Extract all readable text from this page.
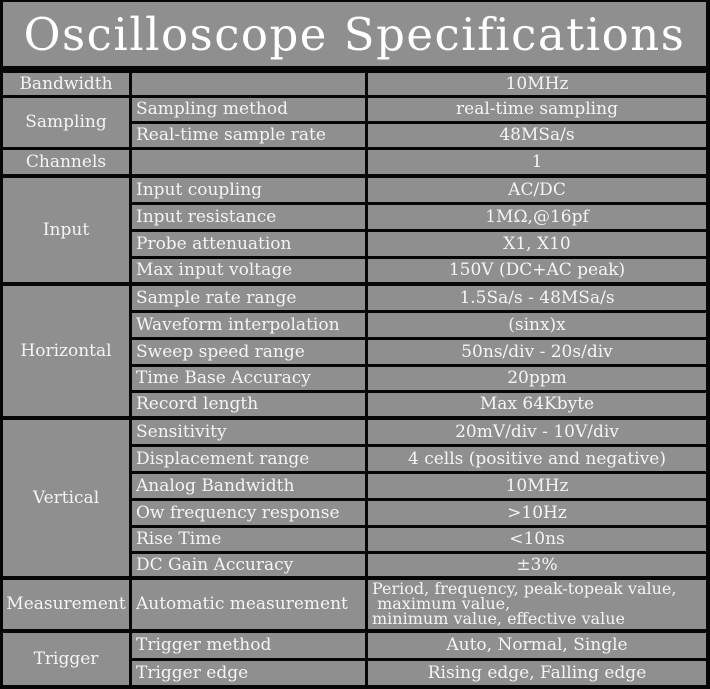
Oscilloscope Specifications
Bandwidth
Sampling
Channels
Input
Horizontal
Vertical
Measurement
Trigger
Sampling method
Real-time sample rate
Input coupling
Input resistance
Probe attenuation
Max input voltage
Sample rate range
Waveform interpolation
Sweep speed range
Time Base Accuracy
Record length
Sensitivity
Displacement range
Analog Bandwidth
Ow frequency response
Rise Time
DC Gain Accuracy
Automatic measurement
Trigger method
Trigger edge
10MHz
real-time sampling
48MSa/s
1
AC/DC
1MΩ,@16pf
X1, X10
150V (DC+AC peak)
1.5Sa/s - 48MSa/s
(sinx)x
50ns/div - 20s/div
20ppm
Max 64Kbyte
20mV/div - 10V/div
4 cells (positive and negative)
10MHz
>10Hz
<10ns
±3%
Period, frequency, peak-topeak value,
maximum value,
minimum value, effective value
Auto, Normal, Single
Rising edge, Falling edge
